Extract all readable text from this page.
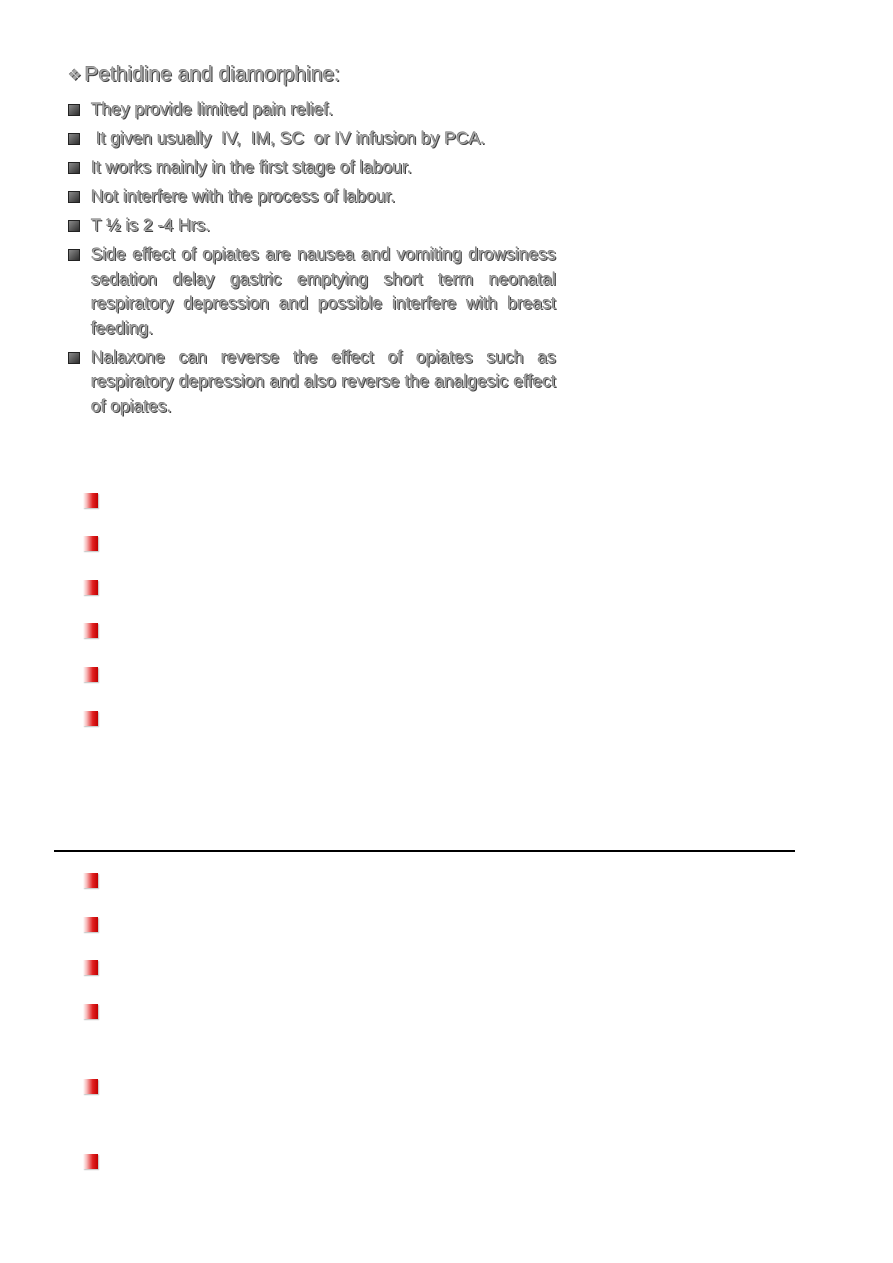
❖ Pethidine and diamorphine:
They provide limited pain relief.
It given usually  IV,  IM, SC  or IV infusion by PCA.
It works mainly in the first stage of labour.
Not interfere with the process of labour.
T ½ is 2 -4 Hrs.
Side effect of opiates are nausea and vomiting drowsiness sedation delay gastric emptying short term neonatal respiratory depression and possible interfere with breast feeding.
Nalaxone can reverse the effect of opiates such as respiratory depression and also reverse the analgesic effect of opiates.
